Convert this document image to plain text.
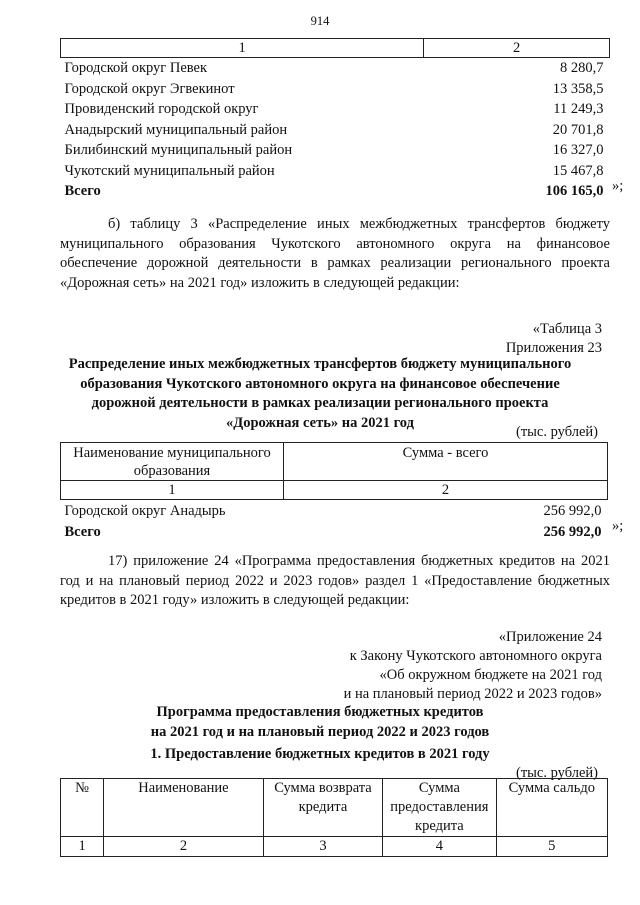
914
1	2
Городской округ Певек	8 280,7
Городской округ Эгвекинот	13 358,5
Провиденский городской округ	11 249,3
Анадырский муниципальный район	20 701,8
Билибинский муниципальный район	16 327,0
Чукотский муниципальный район	15 467,8
Всего	106 165,0 »;

б) таблицу 3 «Распределение иных межбюджетных трансфертов бюджету муниципального образования Чукотского автономного округа на финансовое обеспечение дорожной деятельности в рамках реализации регионального проекта «Дорожная сеть» на 2021 год» изложить в следующей редакции:

«Таблица 3
Приложения 23
Распределение иных межбюджетных трансфертов бюджету муниципального
образования Чукотского автономного округа на финансовое обеспечение
дорожной деятельности в рамках реализации регионального проекта
«Дорожная сеть» на 2021 год
(тыс. рублей)
Наименование муниципального образования	Сумма - всего
1	2
Городской округ Анадырь	256 992,0
Всего	256 992,0 »;

17) приложение 24 «Программа предоставления бюджетных кредитов на 2021 год и на плановый период 2022 и 2023 годов» раздел 1 «Предоставление бюджетных кредитов в 2021 году» изложить в следующей редакции:

«Приложение 24
к Закону Чукотского автономного округа
«Об окружном бюджете на 2021 год
и на плановый период 2022 и 2023 годов»
Программа предоставления бюджетных кредитов
на 2021 год и на плановый период 2022 и 2023 годов
1. Предоставление бюджетных кредитов в 2021 году
(тыс. рублей)
№	Наименование	Сумма возврата кредита	Сумма предоставления кредита	Сумма сальдо
1	2	3	4	5
